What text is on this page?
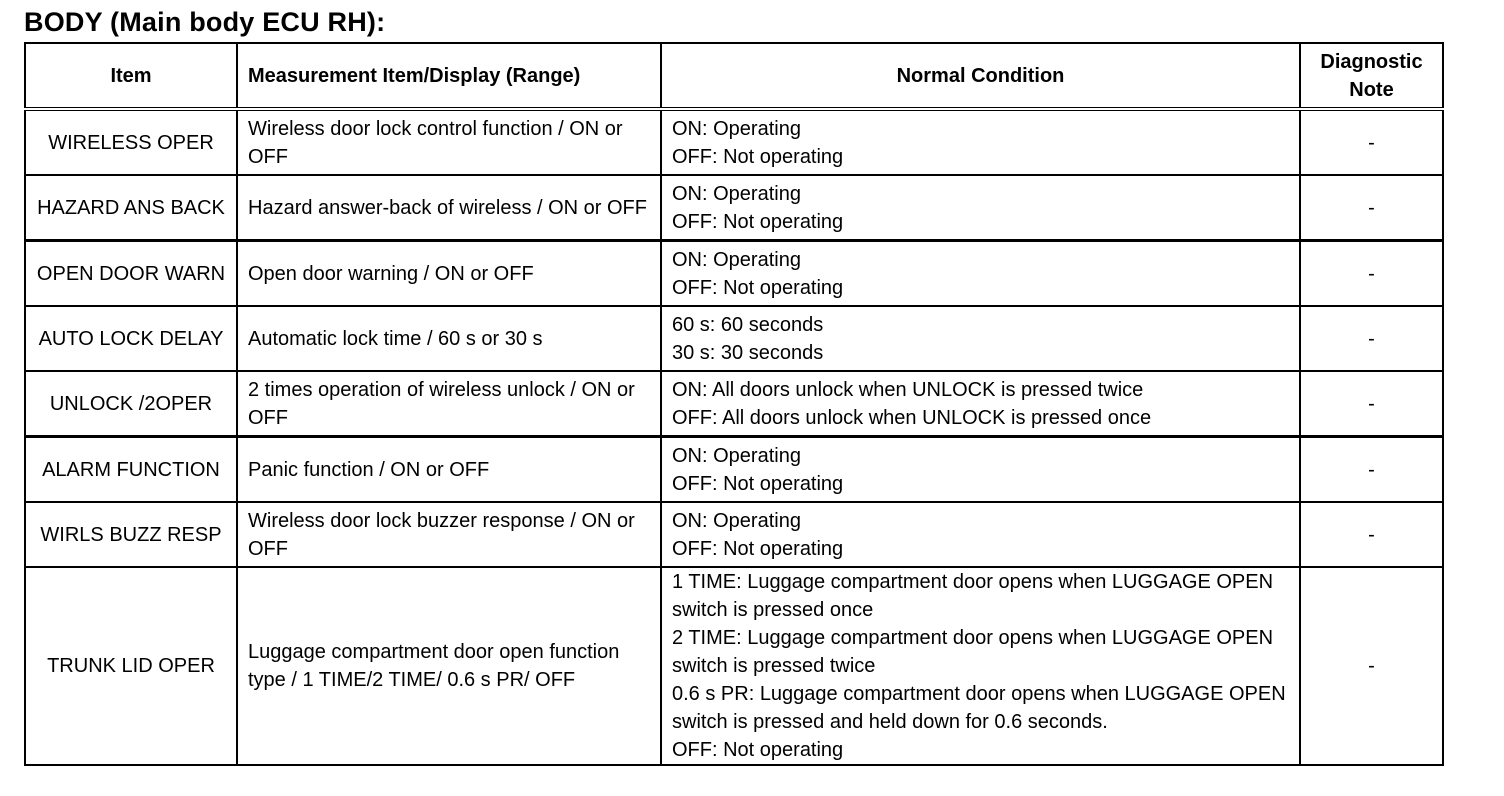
BODY (Main body ECU RH):
Item	Measurement Item/Display (Range)	Normal Condition	Diagnostic
Note

WIRELESS OPER	Wireless door lock control function / ON or OFF	ON: Operating
OFF: Not operating	-
HAZARD ANS BACK	Hazard answer-back of wireless / ON or OFF	ON: Operating
OFF: Not operating	-
OPEN DOOR WARN	Open door warning / ON or OFF	ON: Operating
OFF: Not operating	-
AUTO LOCK DELAY	Automatic lock time / 60 s or 30 s	60 s: 60 seconds
30 s: 30 seconds	-
UNLOCK /2OPER	2 times operation of wireless unlock / ON or OFF	ON: All doors unlock when UNLOCK is pressed twice
OFF: All doors unlock when UNLOCK is pressed once	-
ALARM FUNCTION	Panic function / ON or OFF	ON: Operating
OFF: Not operating	-
WIRLS BUZZ RESP	Wireless door lock buzzer response / ON or OFF	ON: Operating
OFF: Not operating	-
TRUNK LID OPER	Luggage compartment door open function type / 1 TIME/2 TIME/ 0.6 s PR/ OFF	1 TIME: Luggage compartment door opens when LUGGAGE OPEN switch is pressed once
2 TIME: Luggage compartment door opens when LUGGAGE OPEN switch is pressed twice
0.6 s PR: Luggage compartment door opens when LUGGAGE OPEN switch is pressed and held down for 0.6 seconds.
OFF: Not operating	-
